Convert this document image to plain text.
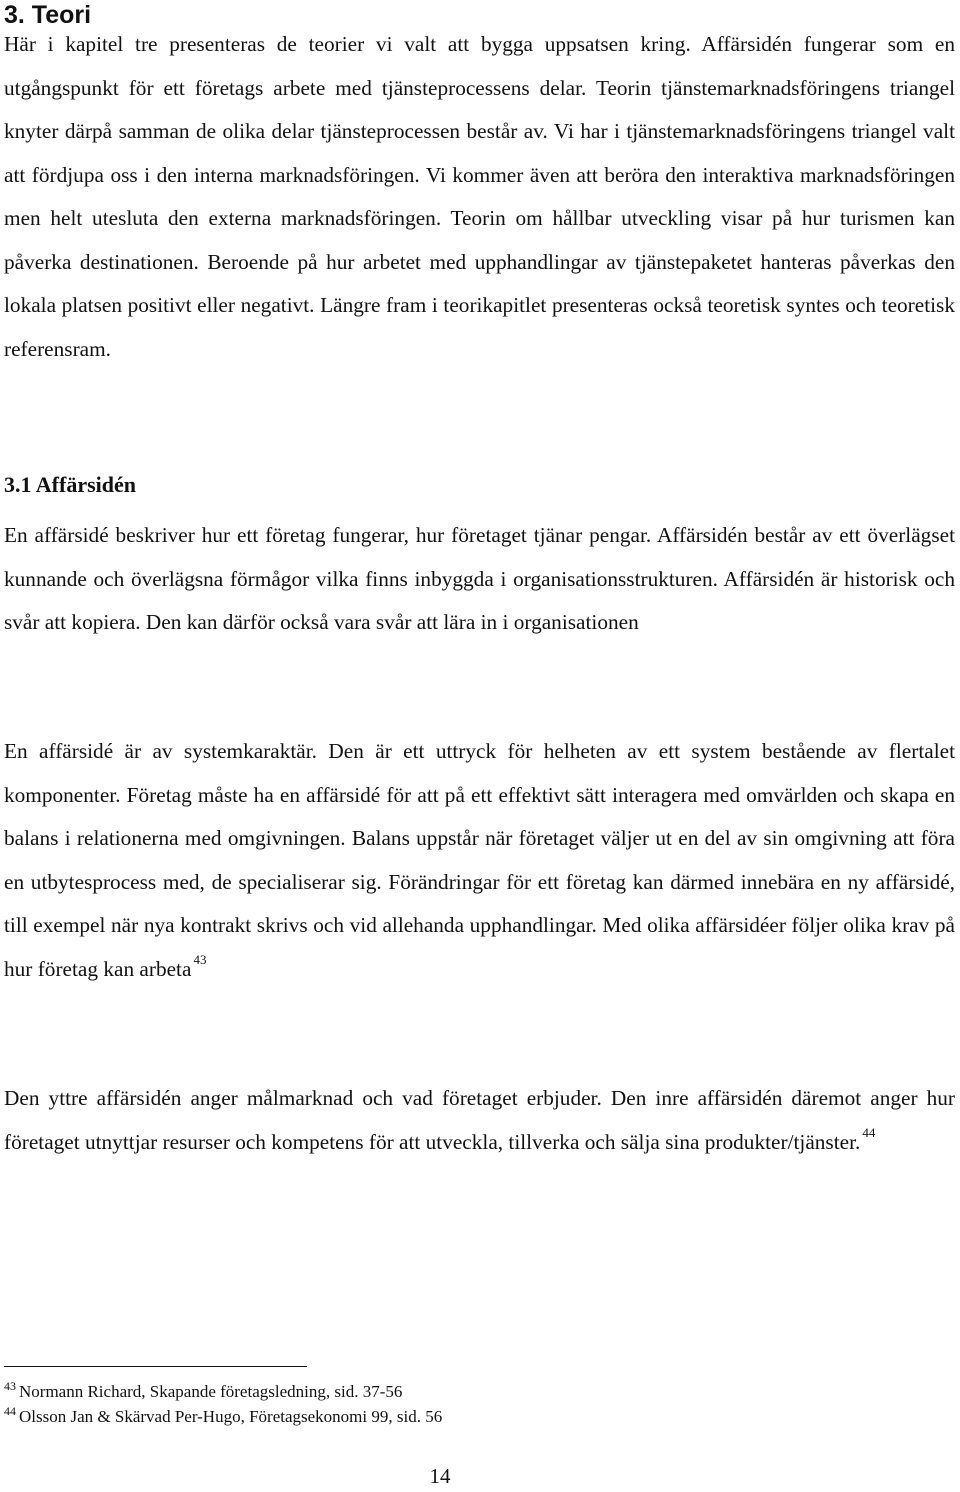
3. Teori

Här i kapitel tre presenteras de teorier vi valt att bygga uppsatsen kring. Affärsidén fungerar som en utgångspunkt för ett företags arbete med tjänsteprocessens delar. Teorin tjänstemarknadsföringens triangel knyter därpå samman de olika delar tjänsteprocessen består av. Vi har i tjänstemarknadsföringens triangel valt att fördjupa oss i den interna marknadsföringen. Vi kommer även att beröra den interaktiva marknadsföringen men helt utesluta den externa marknadsföringen. Teorin om hållbar utveckling visar på hur turismen kan påverka destinationen. Beroende på hur arbetet med upphandlingar av tjänstepaketet hanteras påverkas den lokala platsen positivt eller negativt. Längre fram i teorikapitlet presenteras också teoretisk syntes och teoretisk referensram.

3.1 Affärsidén

En affärsidé beskriver hur ett företag fungerar, hur företaget tjänar pengar. Affärsidén består av ett överlägset kunnande och överlägsna förmågor vilka finns inbyggda i organisationsstrukturen. Affärsidén är historisk och svår att kopiera. Den kan därför också vara svår att lära in i organisationen

En affärsidé är av systemkaraktär. Den är ett uttryck för helheten av ett system bestående av flertalet komponenter. Företag måste ha en affärsidé för att på ett effektivt sätt interagera med omvärlden och skapa en balans i relationerna med omgivningen. Balans uppstår när företaget väljer ut en del av sin omgivning att föra en utbytesprocess med, de specialiserar sig. Förändringar för ett företag kan därmed innebära en ny affärsidé, till exempel när nya kontrakt skrivs och vid allehanda upphandlingar. Med olika affärsidéer följer olika krav på hur företag kan arbeta $^{43}$

Den yttre affärsidén anger målmarknad och vad företaget erbjuder. Den inre affärsidén däremot anger hur företaget utnyttjar resurser och kompetens för att utveckla, tillverka och sälja sina produkter/tjänster. $^{44}$

$^{43}$ Normann Richard, Skapande företagsledning, sid. 37-56

$^{44}$ Olsson Jan & Skärvad Per-Hugo, Företagsekonomi 99, sid. 56

14
